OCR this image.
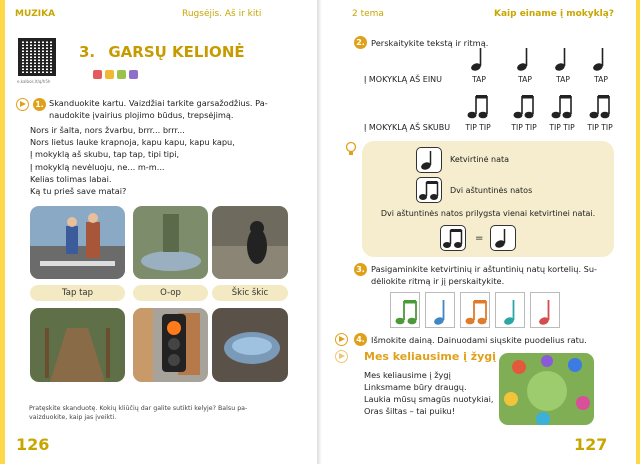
MUZIKA	Rugsėjis. Aš ir kiti
e.kalbos.lt/q/h5h
3. GARSŲ KELIONĖ
1. Skanduokite kartu. Vaizdžiai tarkite garsažodžius. Pa-
naudokite įvairius plojimo būdus, trepsėjimą.
Nors ir šalta, nors žvarbu, brrr... brrr...
Nors lietus lauke krapnoja, kapu kapu, kapu kapu,
Į mokyklą aš skubu, tap tap, tipi tipi,
Į mokyklą nevėluoju, ne... m-m...
Kelias tolimas labai.
Ką tu prieš save matai?
Tap tap	O-op	Škic škic
Pratęskite skanduotę. Kokių kliūčių dar galite sutikti kelyje? Balsu pa-
vaizduokite, kaip jas įveikti.
126
2 tema	Kaip einame į mokyklą?
2. Perskaitykite tekstą ir ritmą.
Į MOKYKLĄ AŠ EINU
Į MOKYKLĄ AŠ SKUBU
Ketvirtinė nata
Dvi aštuntinės natos
Dvi aštuntinės natos prilygsta vienai ketvirtinei natai.
=
3. Pasigaminkite ketvirtinių ir aštuntinių natų kortelių. Su-
dėliokite ritmą ir jį perskaitykite.
4. Išmokite dainą. Dainuodami siųskite puodelius ratu.
Mes keliausime į žygį
Mes keliausime į žygį
Linksmame būry draugų.
Laukia mūsų smagūs nuotykiai,
Oras šiltas – tai puiku!
127
TAP	TAP	TAP	TAP
TIP TIP	TIP TIP	TIP TIP	TIP TIP
